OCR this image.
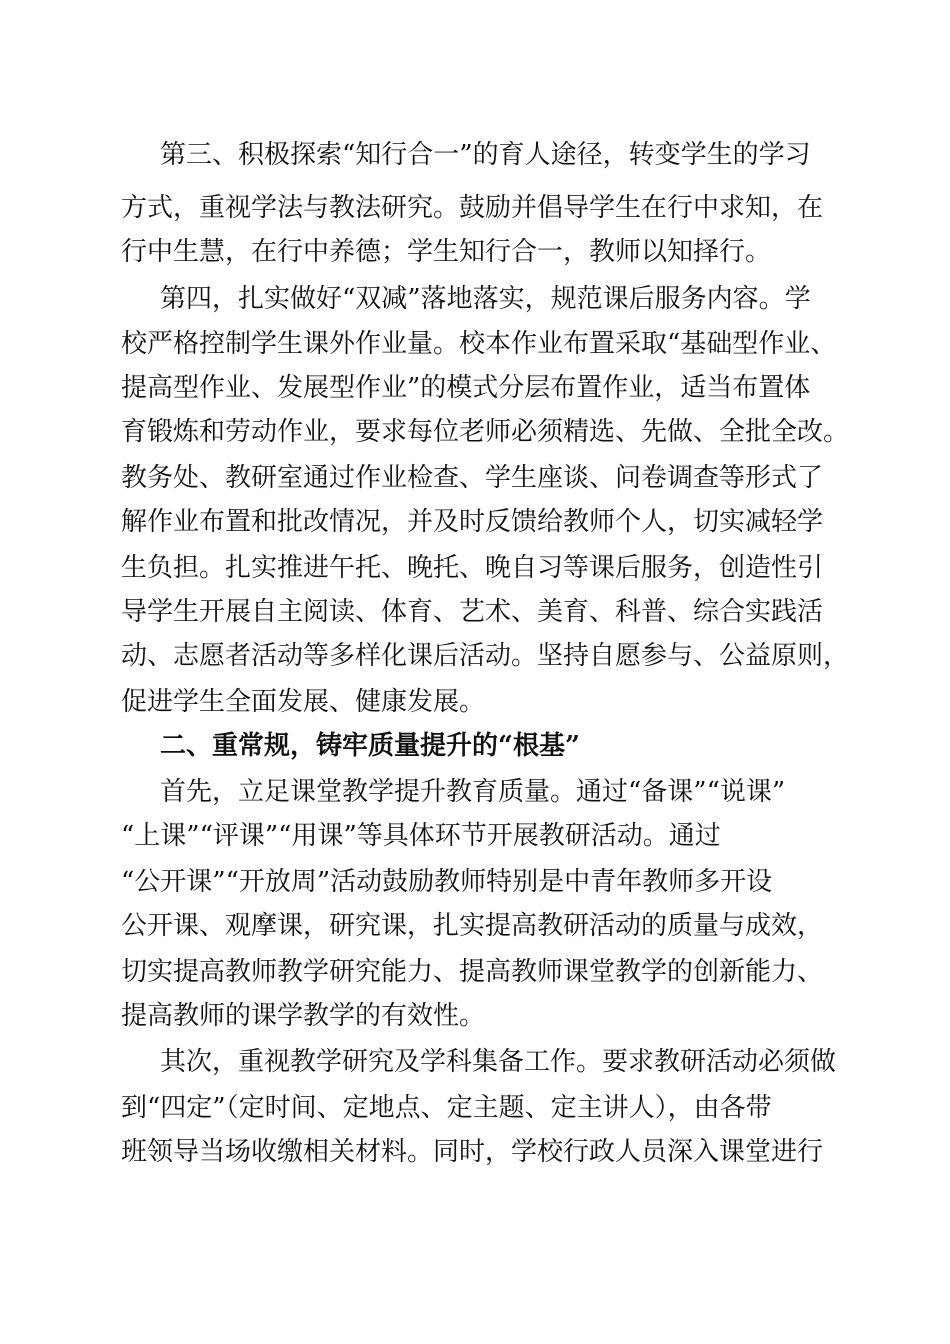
第三、积极探索“知行合一”的育人途径，转变学生的学习
方式，重视学法与教法研究。鼓励并倡导学生在行中求知，在
行中生慧，在行中养德；学生知行合一，教师以知择行。
第四，扎实做好“双减”落地落实，规范课后服务内容。学
校严格控制学生课外作业量。校本作业布置采取“基础型作业、
提高型作业、发展型作业”的模式分层布置作业，适当布置体
育锻炼和劳动作业，要求每位老师必须精选、先做、全批全改。
教务处、教研室通过作业检查、学生座谈、问卷调查等形式了
解作业布置和批改情况，并及时反馈给教师个人，切实减轻学
生负担。扎实推进午托、晚托、晚自习等课后服务，创造性引
导学生开展自主阅读、体育、艺术、美育、科普、综合实践活
动、志愿者活动等多样化课后活动。坚持自愿参与、公益原则，
促进学生全面发展、健康发展。
二、重常规，铸牢质量提升的“根基”
首先，立足课堂教学提升教育质量。通过“备课”“说课”
“上课”“评课”“用课”等具体环节开展教研活动。通过
“公开课”“开放周”活动鼓励教师特别是中青年教师多开设
公开课、观摩课，研究课，扎实提高教研活动的质量与成效，
切实提高教师教学研究能力、提高教师课堂教学的创新能力、
提高教师的课学教学的有效性。
其次，重视教学研究及学科集备工作。要求教研活动必须做
到“四定”（定时间、定地点、定主题、定主讲人），由各带
班领导当场收缴相关材料。同时，学校行政人员深入课堂进行
